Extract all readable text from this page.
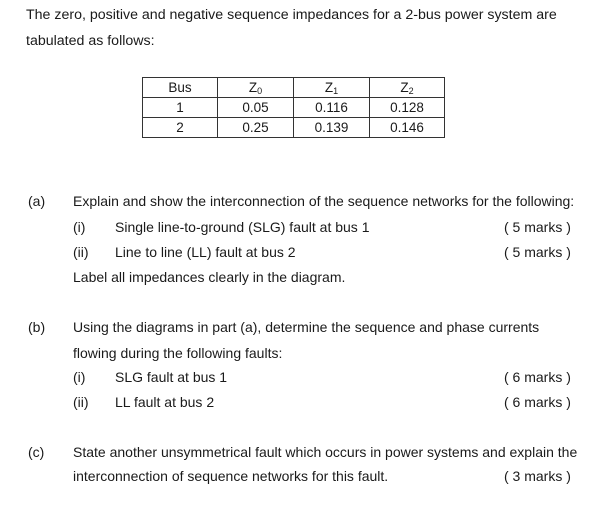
The zero, positive and negative sequence impedances for a 2-bus power system are tabulated as follows:
Bus	$Z_0$	$Z_1$	$Z_2$
1	0.05	0.116	0.128
2	0.25	0.139	0.146
(a) Explain and show the interconnection of the sequence networks for the following:
(i) Single line-to-ground (SLG) fault at bus 1	( 5 marks )
(ii) Line to line (LL) fault at bus 2	( 5 marks )
Label all impedances clearly in the diagram.
(b) Using the diagrams in part (a), determine the sequence and phase currents
flowing during the following faults:
(i) SLG fault at bus 1	( 6 marks )
(ii) LL fault at bus 2	( 6 marks )
(c) State another unsymmetrical fault which occurs in power systems and explain the
interconnection of sequence networks for this fault.	( 3 marks )
